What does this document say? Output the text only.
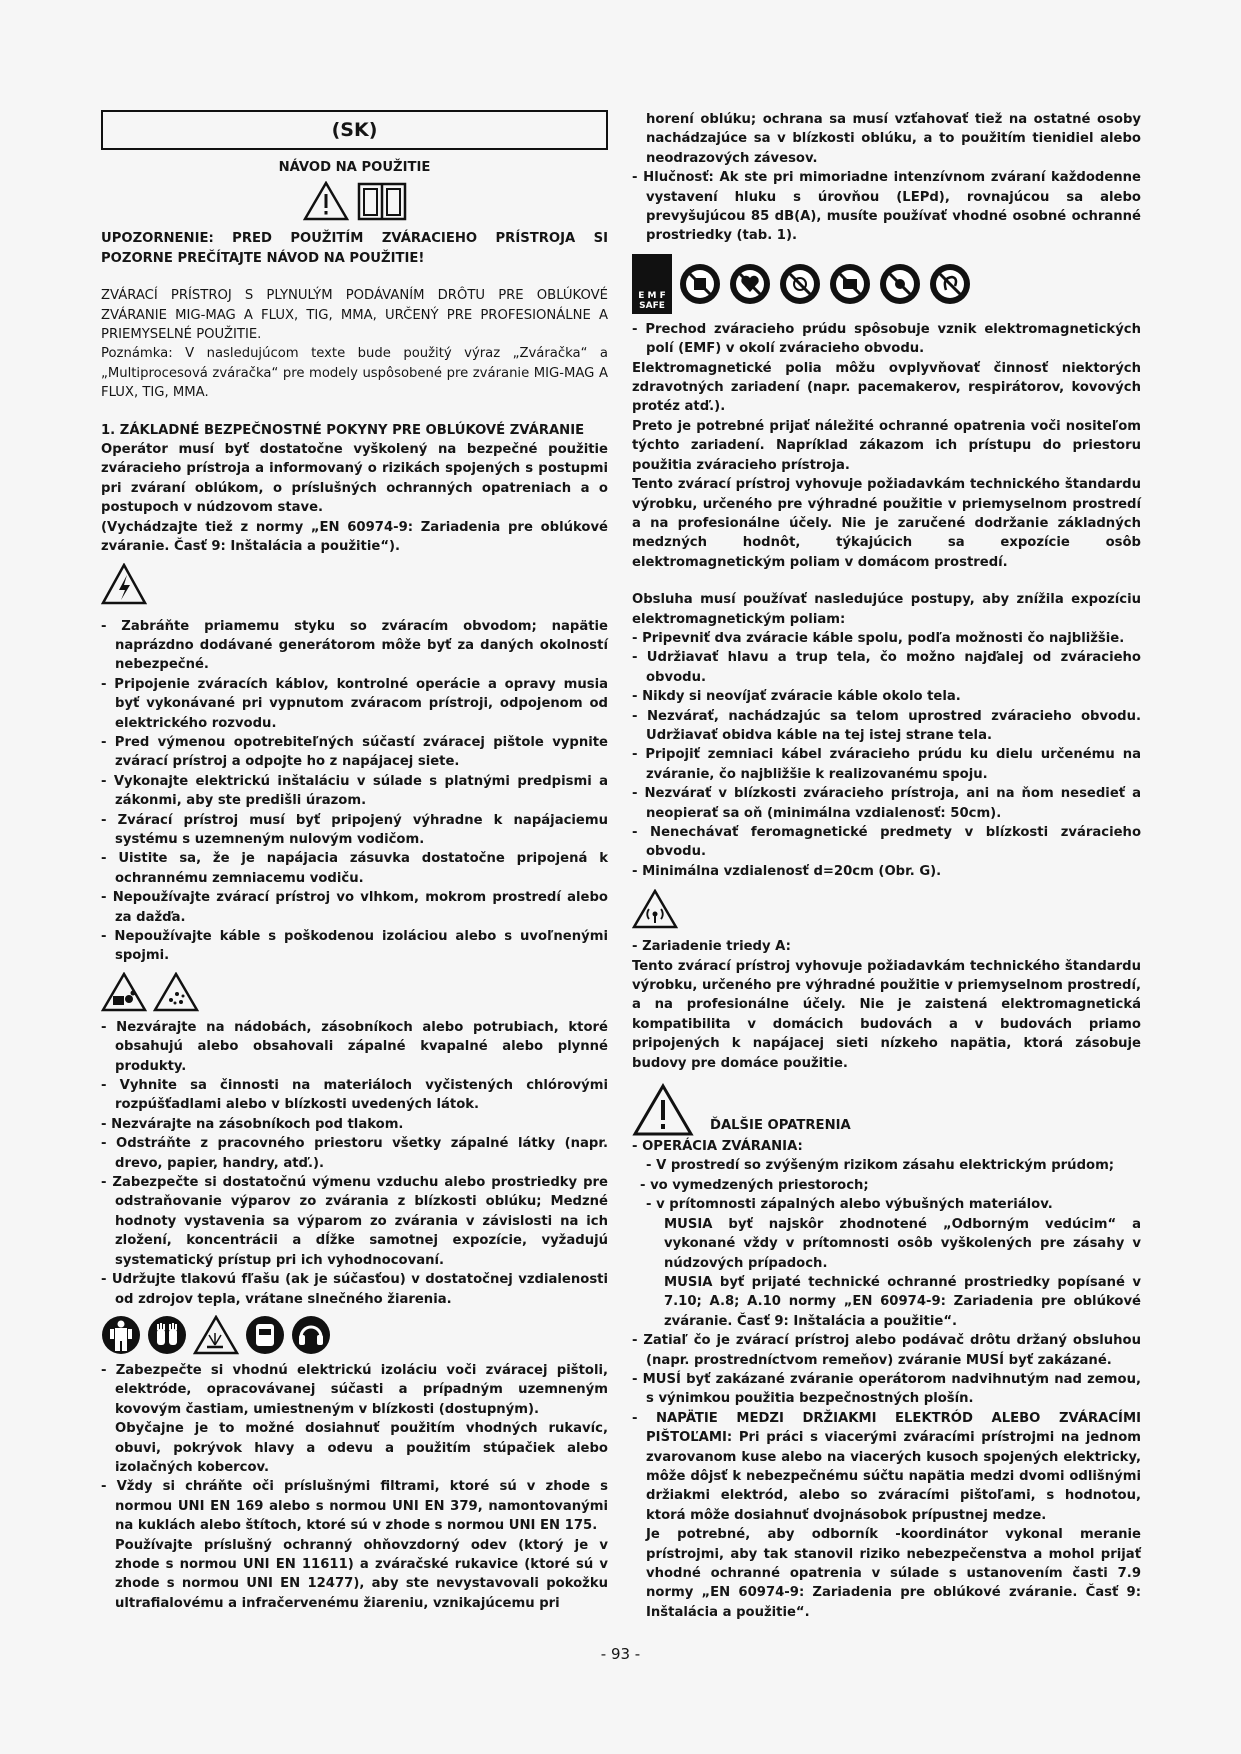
(SK)

NÁVOD NA POUŽITIE

UPOZORNENIE: PRED POUŽITÍM ZVÁRACIEHO PRÍSTROJA SI POZORNE PREČÍTAJTE NÁVOD NA POUŽITIE!

ZVÁRACÍ PRÍSTROJ S PLYNULÝM PODÁVANÍM DRÔTU PRE OBLÚKOVÉ ZVÁRANIE MIG-MAG A FLUX, TIG, MMA, URČENÝ PRE PROFESIONÁLNE A PRIEMYSELNÉ POUŽITIE.

Poznámka: V nasledujúcom texte bude použitý výraz „Zváračka“ a „Multiprocesová zváračka“ pre modely uspôsobené pre zváranie MIG-MAG A FLUX, TIG, MMA.

1. ZÁKLADNÉ BEZPEČNOSTNÉ POKYNY PRE OBLÚKOVÉ ZVÁRANIE

Operátor musí byť dostatočne vyškolený na bezpečné použitie zváracieho prístroja a informovaný o rizikách spojených s postupmi pri zváraní oblúkom, o príslušných ochranných opatreniach a o postupoch v núdzovom stave.

(Vychádzajte tiež z normy „EN 60974-9: Zariadenia pre oblúkové zváranie. Časť 9: Inštalácia a použitie“).

- Zabráňte priamemu styku so zváracím obvodom; napätie naprázdno dodávané generátorom môže byť za daných okolností nebezpečné.

- Pripojenie zváracích káblov, kontrolné operácie a opravy musia byť vykonávané pri vypnutom zváracom prístroji, odpojenom od elektrického rozvodu.

- Pred výmenou opotrebiteľných súčastí zváracej pištole vypnite zvárací prístroj a odpojte ho z napájacej siete.

- Vykonajte elektrickú inštaláciu v súlade s platnými predpismi a zákonmi, aby ste predišli úrazom.

- Zvárací prístroj musí byť pripojený výhradne k napájaciemu systému s uzemneným nulovým vodičom.

- Uistite sa, že je napájacia zásuvka dostatočne pripojená k ochrannému zemniacemu vodiču.

- Nepoužívajte zvárací prístroj vo vlhkom, mokrom prostredí alebo za dažďa.

- Nepoužívajte káble s poškodenou izoláciou alebo s uvoľnenými spojmi.

- Nezvárajte na nádobách, zásobníkoch alebo potrubiach, ktoré obsahujú alebo obsahovali zápalné kvapalné alebo plynné produkty.

- Vyhnite sa činnosti na materiáloch vyčistených chlórovými rozpúšťadlami alebo v blízkosti uvedených látok.

- Nezvárajte na zásobníkoch pod tlakom.

- Odstráňte z pracovného priestoru všetky zápalné látky (napr. drevo, papier, handry, atď.).

- Zabezpečte si dostatočnú výmenu vzduchu alebo prostriedky pre odstraňovanie výparov zo zvárania z blízkosti oblúku; Medzné hodnoty vystavenia sa výparom zo zvárania v závislosti na ich zložení, koncentrácii a dĺžke samotnej expozície, vyžadujú systematický prístup pri ich vyhodnocovaní.

- Udržujte tlakovú fľašu (ak je súčasťou) v dostatočnej vzdialenosti od zdrojov tepla, vrátane slnečného žiarenia.

- Zabezpečte si vhodnú elektrickú izoláciu voči zváracej pištoli, elektróde, opracovávanej súčasti a prípadným uzemneným kovovým častiam, umiestneným v blízkosti (dostupným).

Obyčajne je to možné dosiahnuť použitím vhodných rukavíc, obuvi, pokrývok hlavy a odevu a použitím stúpačiek alebo izolačných kobercov.

- Vždy si chráňte oči príslušnými filtrami, ktoré sú v zhode s normou UNI EN 169 alebo s normou UNI EN 379, namontovanými na kuklách alebo štítoch, ktoré sú v zhode s normou UNI EN 175.

Používajte príslušný ochranný ohňovzdorný odev (ktorý je v zhode s normou UNI EN 11611) a zváračské rukavice (ktoré sú v zhode s normou UNI EN 12477), aby ste nevystavovali pokožku ultrafialovému a infračervenému žiareniu, vznikajúcemu pri

horení oblúku; ochrana sa musí vzťahovať tiež na ostatné osoby nachádzajúce sa v blízkosti oblúku, a to použitím tienidiel alebo neodrazových závesov.

- Hlučnosť: Ak ste pri mimoriadne intenzívnom zváraní každodenne vystavení hluku s úrovňou (LEPd), rovnajúcou sa alebo prevyšujúcou 85 dB(A), musíte používať vhodné osobné ochranné prostriedky (tab. 1).

E M F
SAFE

- Prechod zváracieho prúdu spôsobuje vznik elektromagnetických polí (EMF) v okolí zváracieho obvodu.

Elektromagnetické polia môžu ovplyvňovať činnosť niektorých zdravotných zariadení (napr. pacemakerov, respirátorov, kovových protéz atď.).

Preto je potrebné prijať náležité ochranné opatrenia voči nositeľom týchto zariadení. Napríklad zákazom ich prístupu do priestoru použitia zváracieho prístroja.

Tento zvárací prístroj vyhovuje požiadavkám technického štandardu výrobku, určeného pre výhradné použitie v priemyselnom prostredí a na profesionálne účely. Nie je zaručené dodržanie základných medzných hodnôt, týkajúcich sa expozície osôb elektromagnetickým poliam v domácom prostredí.

Obsluha musí používať nasledujúce postupy, aby znížila expozíciu elektromagnetickým poliam:

- Pripevniť dva zváracie káble spolu, podľa možnosti čo najbližšie.

- Udržiavať hlavu a trup tela, čo možno najďalej od zváracieho obvodu.

- Nikdy si neovíjať zváracie káble okolo tela.

- Nezvárať, nachádzajúc sa telom uprostred zváracieho obvodu. Udržiavať obidva káble na tej istej strane tela.

- Pripojiť zemniaci kábel zváracieho prúdu ku dielu určenému na zváranie, čo najbližšie k realizovanému spoju.

- Nezvárať v blízkosti zváracieho prístroja, ani na ňom nesedieť a neopierať sa oň (minimálna vzdialenosť: 50cm).

- Nenechávať feromagnetické predmety v blízkosti zváracieho obvodu.

- Minimálna vzdialenosť d=20cm (Obr. G).

- Zariadenie triedy A:

Tento zvárací prístroj vyhovuje požiadavkám technického štandardu výrobku, určeného pre výhradné použitie v priemyselnom prostredí, a na profesionálne účely. Nie je zaistená elektromagnetická kompatibilita v domácich budovách a v budovách priamo pripojených k napájacej sieti nízkeho napätia, ktorá zásobuje budovy pre domáce použitie.

ĎALŠIE OPATRENIA

- OPERÁCIA ZVÁRANIA:

- V prostredí so zvýšeným rizikom zásahu elektrickým prúdom;

- vo vymedzených priestoroch;

- v prítomnosti zápalných alebo výbušných materiálov.

MUSIA byť najskôr zhodnotené „Odborným vedúcim“ a vykonané vždy v prítomnosti osôb vyškolených pre zásahy v núdzových prípadoch.

MUSIA byť prijaté technické ochranné prostriedky popísané v 7.10; A.8; A.10 normy „EN 60974-9: Zariadenia pre oblúkové zváranie. Časť 9: Inštalácia a použitie“.

- Zatiaľ čo je zvárací prístroj alebo podávač drôtu držaný obsluhou (napr. prostredníctvom remeňov) zváranie MUSÍ byť zakázané.

- MUSÍ byť zakázané zváranie operátorom nadvihnutým nad zemou, s výnimkou použitia bezpečnostných plošín.

- NAPÄTIE MEDZI DRŽIAKMI ELEKTRÓD ALEBO ZVÁRACÍMI PIŠTOĽAMI: Pri práci s viacerými zváracími prístrojmi na jednom zvarovanom kuse alebo na viacerých kusoch spojených elektricky, môže dôjsť k nebezpečnému súčtu napätia medzi dvomi odlišnými držiakmi elektród, alebo so zváracími pištoľami, s hodnotou, ktorá môže dosiahnuť dvojnásobok prípustnej medze.

Je potrebné, aby odborník -koordinátor vykonal meranie prístrojmi, aby tak stanovil riziko nebezpečenstva a mohol prijať vhodné ochranné opatrenia v súlade s ustanovením časti 7.9 normy „EN 60974-9: Zariadenia pre oblúkové zváranie. Časť 9: Inštalácia a použitie“.

- 93 -
